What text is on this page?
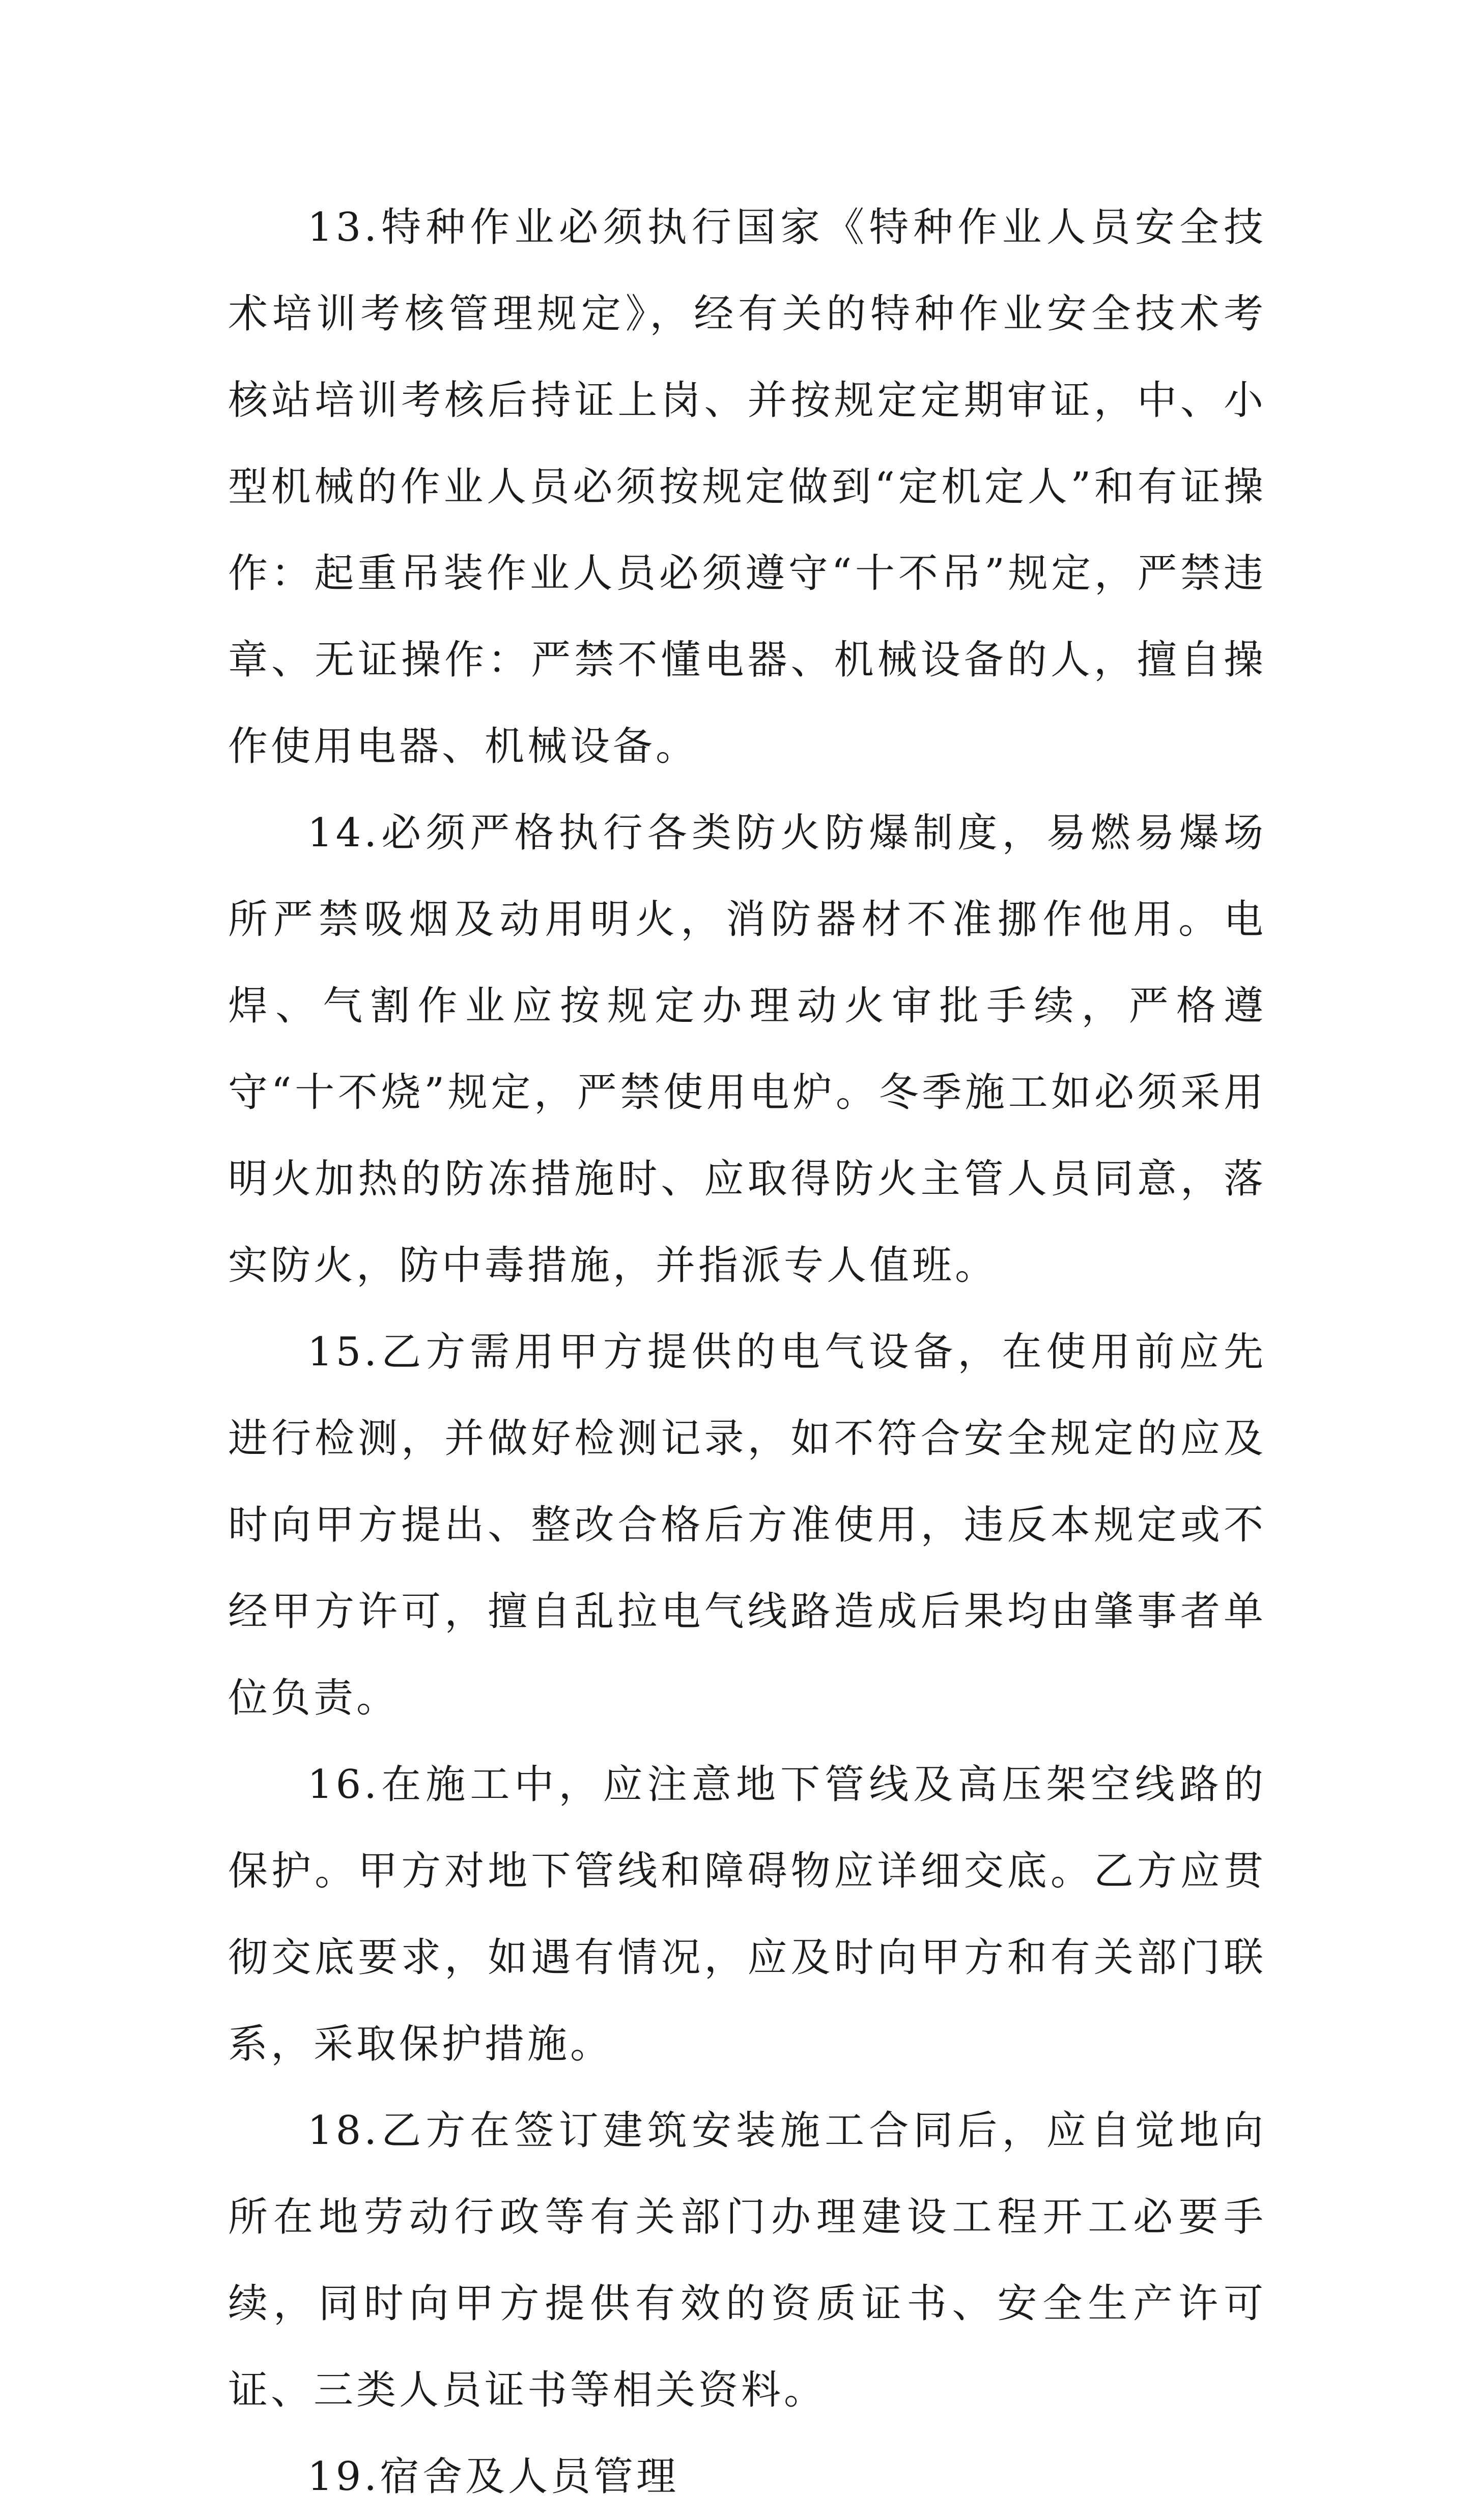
13.特种作业必须执行国家《特种作业人员安全技术培训考核管理规定》，经有关的特种作业安全技术考核站培训考核后持证上岗、并按规定定期审证，中、小型机械的作业人员必须按规定做到“定机定人”和有证操作：起重吊装作业人员必须遵守“十不吊”规定，严禁违章、无证操作：严禁不懂电器、机械设备的人，擅自操作使用电器、机械设备。

14.必须严格执行各类防火防爆制度，易燃易爆场所严禁吸烟及动用明火，消防器材不准挪作他用。电焊、气割作业应按规定办理动火审批手续，严格遵守“十不烧”规定，严禁使用电炉。冬季施工如必须采用明火加热的防冻措施时、应取得防火主管人员同意，落实防火，防中毒措施，并指派专人值班。

15.乙方需用甲方提供的电气设备，在使用前应先进行检测，并做好检测记录，如不符合安全规定的应及时向甲方提出、整改合格后方准使用，违反本规定或不经甲方许可，擅自乱拉电气线路造成后果均由肇事者单位负责。

16.在施工中，应注意地下管线及高压架空线路的保护。甲方对地下管线和障碍物应详细交底。乙方应贯彻交底要求，如遇有情况，应及时向甲方和有关部门联系，采取保护措施。

18.乙方在签订建筑安装施工合同后，应自觉地向所在地劳动行政等有关部门办理建设工程开工必要手续，同时向甲方提供有效的资质证书、安全生产许可证、三类人员证书等相关资料。

19.宿舍及人员管理
